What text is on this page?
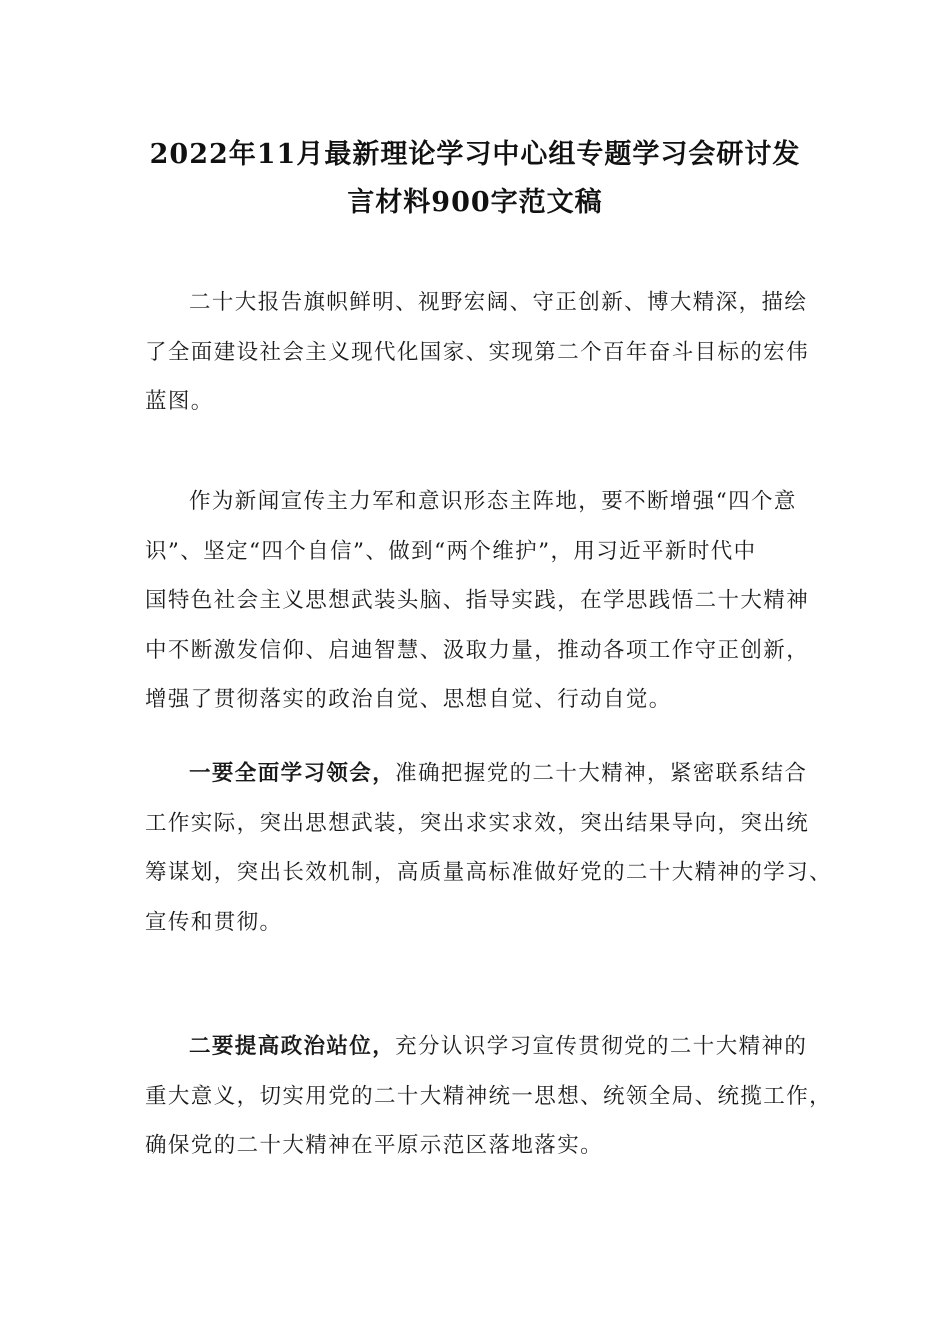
2022年11月最新理论学习中心组专题学习会研讨发
言材料900字范文稿
二十大报告旗帜鲜明、视野宏阔、守正创新、博大精深，描绘
了全面建设社会主义现代化国家、实现第二个百年奋斗目标的宏伟
蓝图。
作为新闻宣传主力军和意识形态主阵地，要不断增强“四个意
识”、坚定“四个自信”、做到“两个维护”，用习近平新时代中
国特色社会主义思想武装头脑、指导实践，在学思践悟二十大精神
中不断激发信仰、启迪智慧、汲取力量，推动各项工作守正创新，
增强了贯彻落实的政治自觉、思想自觉、行动自觉。
一要全面学习领会，准确把握党的二十大精神，紧密联系结合
工作实际，突出思想武装，突出求实求效，突出结果导向，突出统
筹谋划，突出长效机制，高质量高标准做好党的二十大精神的学习、
宣传和贯彻。
二要提高政治站位，充分认识学习宣传贯彻党的二十大精神的
重大意义，切实用党的二十大精神统一思想、统领全局、统揽工作，
确保党的二十大精神在平原示范区落地落实。
